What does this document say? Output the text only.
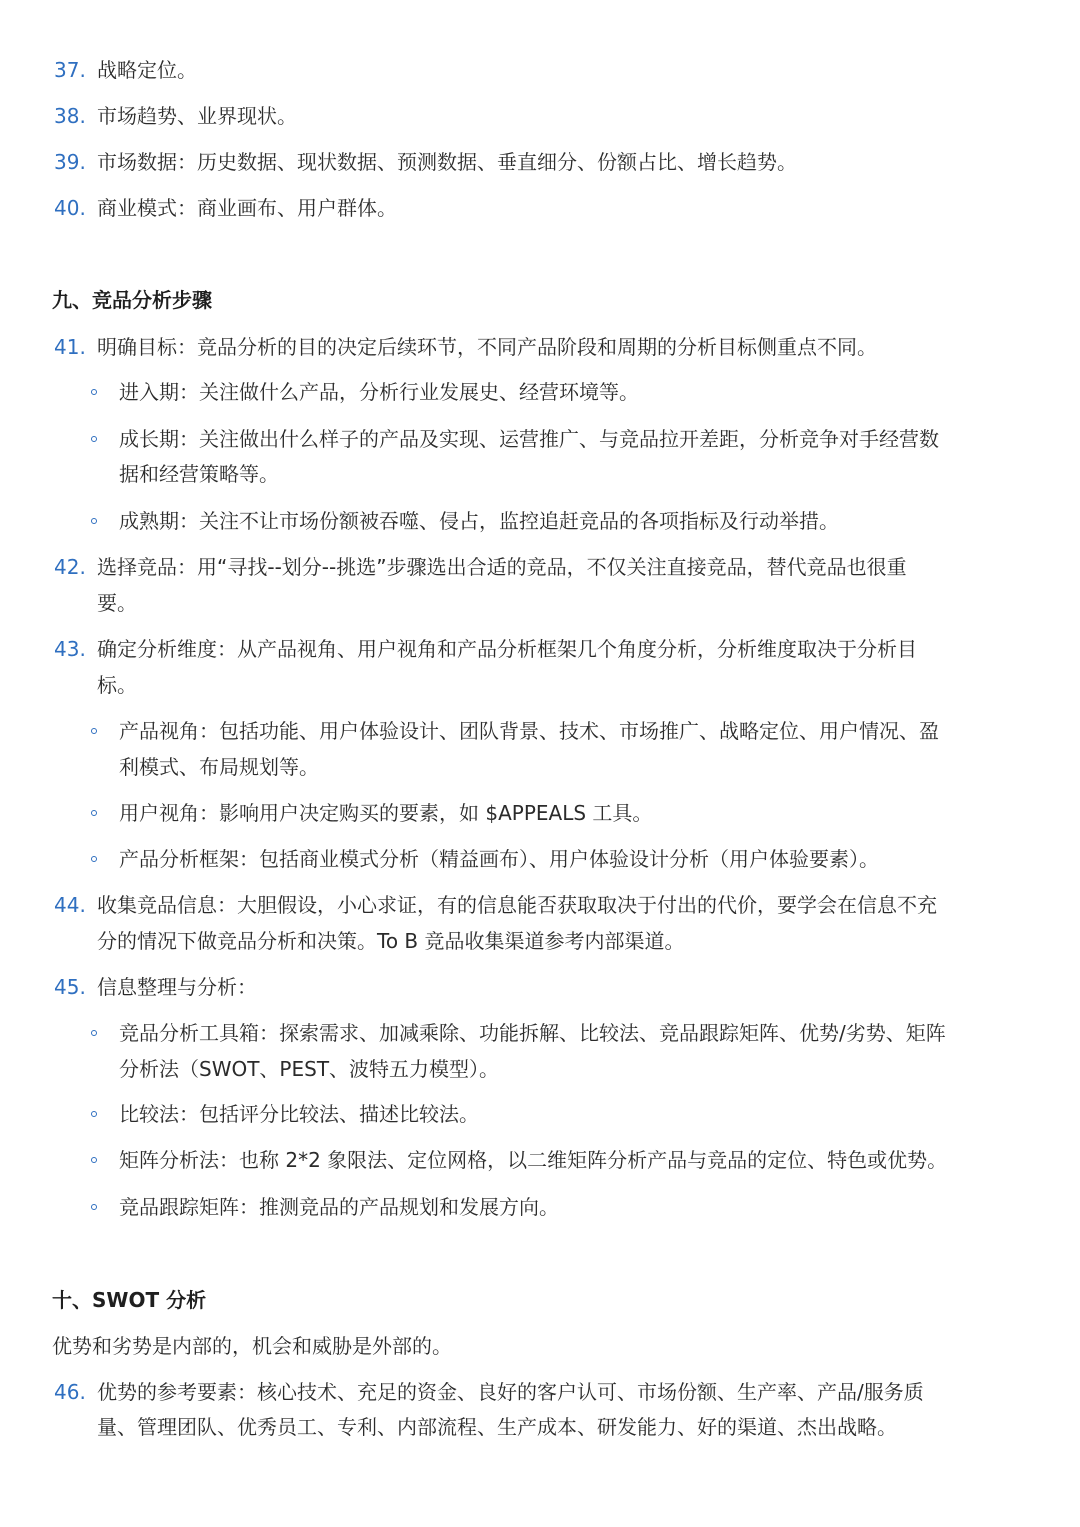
37. 战略定位。
38. 市场趋势、业界现状。
39. 市场数据：历史数据、现状数据、预测数据、垂直细分、份额占比、增长趋势。
40. 商业模式：商业画布、用户群体。
九、竞品分析步骤
41. 明确目标：竞品分析的目的决定后续环节，不同产品阶段和周期的分析目标侧重点不同。
进入期：关注做什么产品，分析行业发展史、经营环境等。
成长期：关注做出什么样子的产品及实现、运营推广、与竞品拉开差距，分析竞争对手经营数
据和经营策略等。
成熟期：关注不让市场份额被吞噬、侵占，监控追赶竞品的各项指标及行动举措。
42. 选择竞品：用“寻找--划分--挑选”步骤选出合适的竞品，不仅关注直接竞品，替代竞品也很重
要。
43. 确定分析维度：从产品视角、用户视角和产品分析框架几个角度分析，分析维度取决于分析目
标。
产品视角：包括功能、用户体验设计、团队背景、技术、市场推广、战略定位、用户情况、盈
利模式、布局规划等。
用户视角：影响用户决定购买的要素，如 $APPEALS 工具。
产品分析框架：包括商业模式分析（精益画布）、用户体验设计分析（用户体验要素）。
44. 收集竞品信息：大胆假设，小心求证，有的信息能否获取取决于付出的代价，要学会在信息不充
分的情况下做竞品分析和决策。To B 竞品收集渠道参考内部渠道。
45. 信息整理与分析：
竞品分析工具箱：探索需求、加减乘除、功能拆解、比较法、竞品跟踪矩阵、优势/劣势、矩阵
分析法（SWOT、PEST、波特五力模型）。
比较法：包括评分比较法、描述比较法。
矩阵分析法：也称 2*2 象限法、定位网格，以二维矩阵分析产品与竞品的定位、特色或优势。
竞品跟踪矩阵：推测竞品的产品规划和发展方向。
十、SWOT 分析
优势和劣势是内部的，机会和威胁是外部的。
46. 优势的参考要素：核心技术、充足的资金、良好的客户认可、市场份额、生产率、产品/服务质
量、管理团队、优秀员工、专利、内部流程、生产成本、研发能力、好的渠道、杰出战略。
